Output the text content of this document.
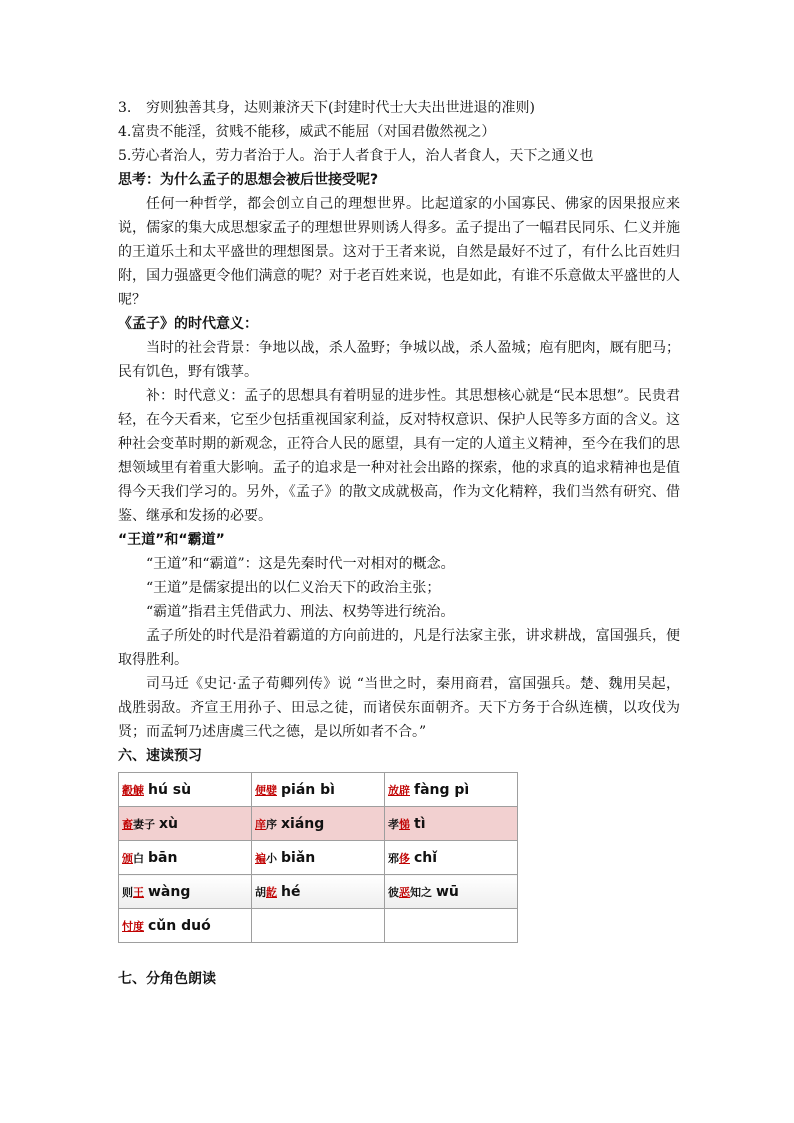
3. 穷则独善其身，达则兼济天下(封建时代士大夫出世进退的准则)
4.富贵不能淫，贫贱不能移，威武不能屈（对国君傲然视之）
5.劳心者治人，劳力者治于人。治于人者食于人，治人者食人，天下之通义也
思考：为什么孟子的思想会被后世接受呢?
任何一种哲学，都会创立自己的理想世界。比起道家的小国寡民、佛家的因果报应来说，儒家的集大成思想家孟子的理想世界则诱人得多。孟子提出了一幅君民同乐、仁义并施的王道乐土和太平盛世的理想图景。这对于王者来说，自然是最好不过了，有什么比百姓归附，国力强盛更令他们满意的呢？对于老百姓来说，也是如此，有谁不乐意做太平盛世的人呢？
《孟子》的时代意义：
当时的社会背景：争地以战，杀人盈野；争城以战，杀人盈城；庖有肥肉，厩有肥马；民有饥色，野有饿莩。
补：时代意义：孟子的思想具有着明显的进步性。其思想核心就是“民本思想”。民贵君轻，在今天看来，它至少包括重视国家利益，反对特权意识、保护人民等多方面的含义。这种社会变革时期的新观念，正符合人民的愿望，具有一定的人道主义精神，至今在我们的思想领域里有着重大影响。孟子的追求是一种对社会出路的探索，他的求真的追求精神也是值得今天我们学习的。另外，《孟子》的散文成就极高，作为文化精粹，我们当然有研究、借鉴、继承和发扬的必要。
“王道”和“霸道”
“王道”和“霸道”：这是先秦时代一对相对的概念。
“王道”是儒家提出的以仁义治天下的政治主张；
“霸道”指君主凭借武力、刑法、权势等进行统治。
孟子所处的时代是沿着霸道的方向前进的，凡是行法家主张，讲求耕战，富国强兵，便取得胜利。
司马迁《史记·孟子荀卿列传》说 “当世之时，秦用商君，富国强兵。楚、魏用吴起，战胜弱敌。齐宣王用孙子、田忌之徒，而诸侯东面朝齐。天下方务于合纵连横，以攻伐为贤；而孟轲乃述唐虞三代之德，是以所如者不合。”
六、速读预习
觳觫 hú sù	便嬖 pián bì	放辟 fàng pì
畜妻子 xù	庠序 xiáng	孝悌 tì
颁白 bān	褊小 biǎn	邪侈 chǐ
则王 wàng	胡龁 hé	彼恶知之 wū
忖度 cǔn duó		
七、分角色朗读
